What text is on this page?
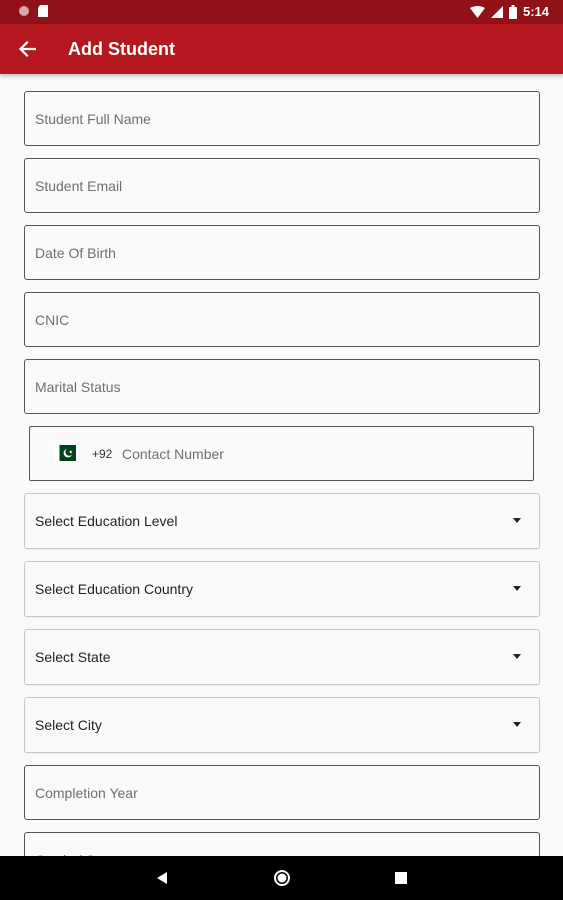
5:14
Add Student
Student Full Name
Student Email
Date Of Birth
CNIC
Marital Status
+92
Contact Number
Select Education Level
Select Education Country
Select State
Select City
Completion Year
Grade / Score
